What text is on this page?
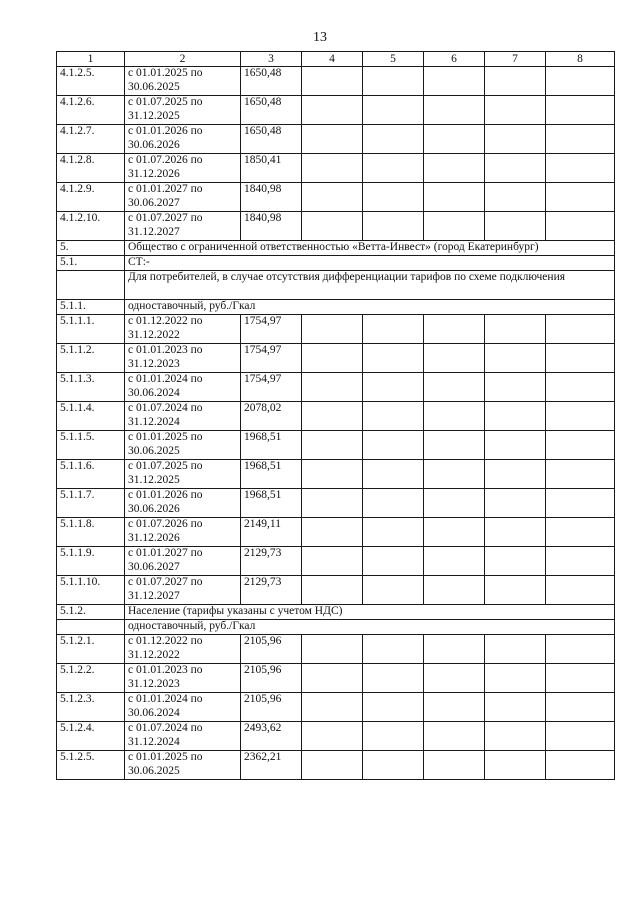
13
1	2	3	4	5	6	7	8
4.1.2.5.	с 01.01.2025 по 30.06.2025	1650,48					
4.1.2.6.	с 01.07.2025 по 31.12.2025	1650,48					
4.1.2.7.	с 01.01.2026 по 30.06.2026	1650,48					
4.1.2.8.	с 01.07.2026 по 31.12.2026	1850,41					
4.1.2.9.	с 01.01.2027 по 30.06.2027	1840,98					
4.1.2.10.	с 01.07.2027 по 31.12.2027	1840,98					
5.	Общество с ограниченной ответственностью «Ветта-Инвест» (город Екатеринбург)						
5.1.	СТ:-						
	Для потребителей, в случае отсутствия дифференциации тарифов по схеме подключения						
5.1.1.	одноставочный, руб./Гкал						
5.1.1.1.	с 01.12.2022 по 31.12.2022	1754,97					
5.1.1.2.	с 01.01.2023 по 31.12.2023	1754,97					
5.1.1.3.	с 01.01.2024 по 30.06.2024	1754,97					
5.1.1.4.	с 01.07.2024 по 31.12.2024	2078,02					
5.1.1.5.	с 01.01.2025 по 30.06.2025	1968,51					
5.1.1.6.	с 01.07.2025 по 31.12.2025	1968,51					
5.1.1.7.	с 01.01.2026 по 30.06.2026	1968,51					
5.1.1.8.	с 01.07.2026 по 31.12.2026	2149,11					
5.1.1.9.	с 01.01.2027 по 30.06.2027	2129,73					
5.1.1.10.	с 01.07.2027 по 31.12.2027	2129,73					
5.1.2.	Население (тарифы указаны с учетом НДС)						
	одноставочный, руб./Гкал						
5.1.2.1.	с 01.12.2022 по 31.12.2022	2105,96					
5.1.2.2.	с 01.01.2023 по 31.12.2023	2105,96					
5.1.2.3.	с 01.01.2024 по 30.06.2024	2105,96					
5.1.2.4.	с 01.07.2024 по 31.12.2024	2493,62					
5.1.2.5.	с 01.01.2025 по 30.06.2025	2362,21					
